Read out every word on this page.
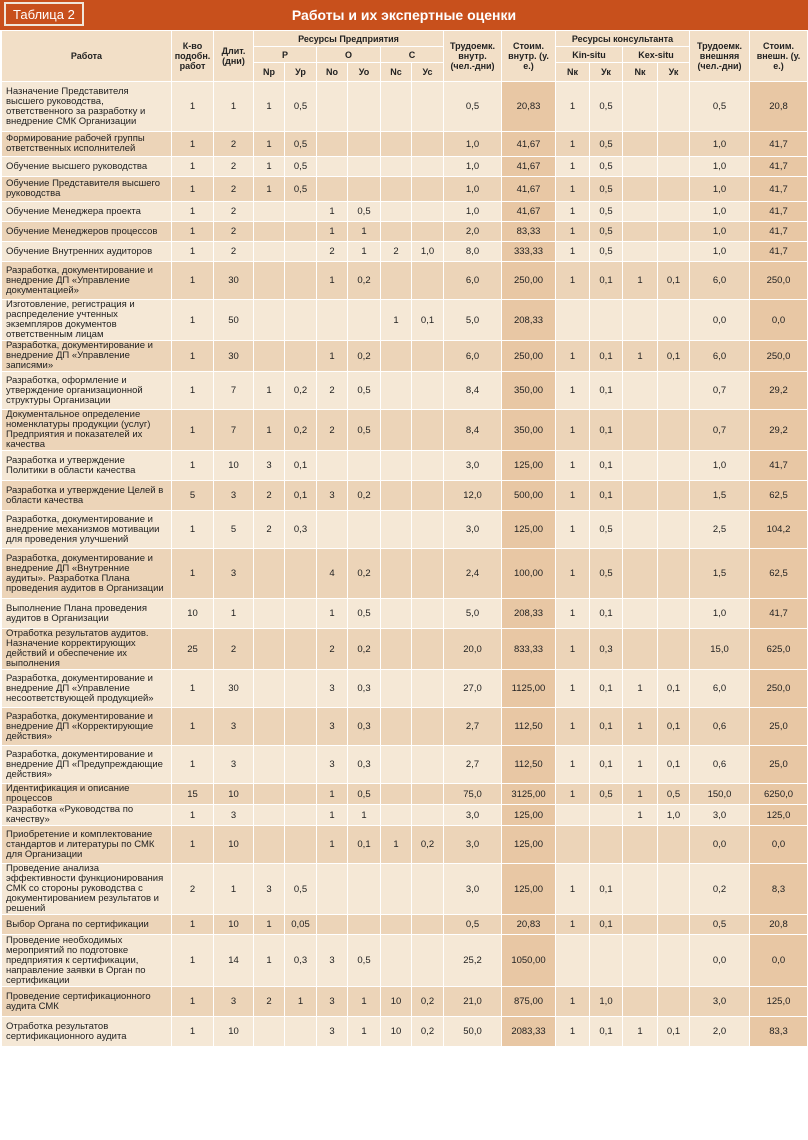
Таблица 2	Работы и их экспертные оценки
Работа	К-во подобн. работ	Длит. (дни)	Ресурсы Предприятия						Трудоемк. внутр. (чел.-дни)	Стоим. внутр. (у. е.)	Ресурсы консультанта				Трудоемк. внешняя (чел.-дни)	Стоим. внешн. (у. е.)
			Р		О		С				Kin-situ		Kex-situ			
			Nр	Ур	Nо	Уо	Nс	Ус			Nк	Ук	Nк	Ук		
Назначение Представителя высшего руководства, ответственного за разработку и внедрение СМК Организации	1	1	1	0,5					0,5	20,83	1	0,5			0,5	20,8
Формирование рабочей группы ответственных исполнителей	1	2	1	0,5					1,0	41,67	1	0,5			1,0	41,7
Обучение высшего руководства	1	2	1	0,5					1,0	41,67	1	0,5			1,0	41,7
Обучение Представителя высшего руководства	1	2	1	0,5					1,0	41,67	1	0,5			1,0	41,7
Обучение Менеджера проекта	1	2			1	0,5			1,0	41,67	1	0,5			1,0	41,7
Обучение Менеджеров процессов	1	2			1	1			2,0	83,33	1	0,5			1,0	41,7
Обучение Внутренних аудиторов	1	2			2	1	2	1,0	8,0	333,33	1	0,5			1,0	41,7
Разработка, документирование и внедрение ДП «Управление документацией»	1	30			1	0,2			6,0	250,00	1	0,1	1	0,1	6,0	250,0
Изготовление, регистрация и распределение учтенных экземпляров документов ответственным лицам	1	50					1	0,1	5,0	208,33					0,0	0,0
Разработка, документирование и внедрение ДП «Управление записями»	1	30			1	0,2			6,0	250,00	1	0,1	1	0,1	6,0	250,0
Разработка, оформление и утверждение организационной структуры Организации	1	7	1	0,2	2	0,5			8,4	350,00	1	0,1			0,7	29,2
Документальное определение номенклатуры продукции (услуг) Предприятия и показателей их качества	1	7	1	0,2	2	0,5			8,4	350,00	1	0,1			0,7	29,2
Разработка и утверждение Политики в области качества	1	10	3	0,1					3,0	125,00	1	0,1			1,0	41,7
Разработка и утверждение Целей в области качества	5	3	2	0,1	3	0,2			12,0	500,00	1	0,1			1,5	62,5
Разработка, документирование и внедрение механизмов мотивации для проведения улучшений	1	5	2	0,3					3,0	125,00	1	0,5			2,5	104,2
Разработка, документирование и внедрение ДП «Внутренние аудиты». Разработка Плана проведения аудитов в Организации	1	3			4	0,2			2,4	100,00	1	0,5			1,5	62,5
Выполнение Плана проведения аудитов в Организации	10	1			1	0,5			5,0	208,33	1	0,1			1,0	41,7
Отработка результатов аудитов. Назначение корректирующих действий и обеспечение их выполнения	25	2			2	0,2			20,0	833,33	1	0,3			15,0	625,0
Разработка, документирование и внедрение ДП «Управление несоответствующей продукцией»	1	30			3	0,3			27,0	1125,00	1	0,1	1	0,1	6,0	250,0
Разработка, документирование и внедрение ДП «Корректирующие действия»	1	3			3	0,3			2,7	112,50	1	0,1	1	0,1	0,6	25,0
Разработка, документирование и внедрение ДП «Предупреждающие действия»	1	3			3	0,3			2,7	112,50	1	0,1	1	0,1	0,6	25,0
Идентификация и описание процессов	15	10			1	0,5			75,0	3125,00	1	0,5	1	0,5	150,0	6250,0
Разработка «Руководства по качеству»	1	3			1	1			3,0	125,00			1	1,0	3,0	125,0
Приобретение и комплектование стандартов и литературы по СМК для Организации	1	10			1	0,1	1	0,2	3,0	125,00					0,0	0,0
Проведение анализа эффективности функционирования СМК со стороны руководства с документированием результатов и решений	2	1	3	0,5					3,0	125,00	1	0,1			0,2	8,3
Выбор Органа по сертификации	1	10	1	0,05					0,5	20,83	1	0,1			0,5	20,8
Проведение необходимых мероприятий по подготовке предприятия к сертификации, направление заявки в Орган по сертификации	1	14	1	0,3	3	0,5			25,2	1050,00					0,0	0,0
Проведение сертификационного аудита СМК	1	3	2	1	3	1	10	0,2	21,0	875,00	1	1,0			3,0	125,0
Отработка результатов сертификационного аудита	1	10			3	1	10	0,2	50,0	2083,33	1	0,1	1	0,1	2,0	83,3
